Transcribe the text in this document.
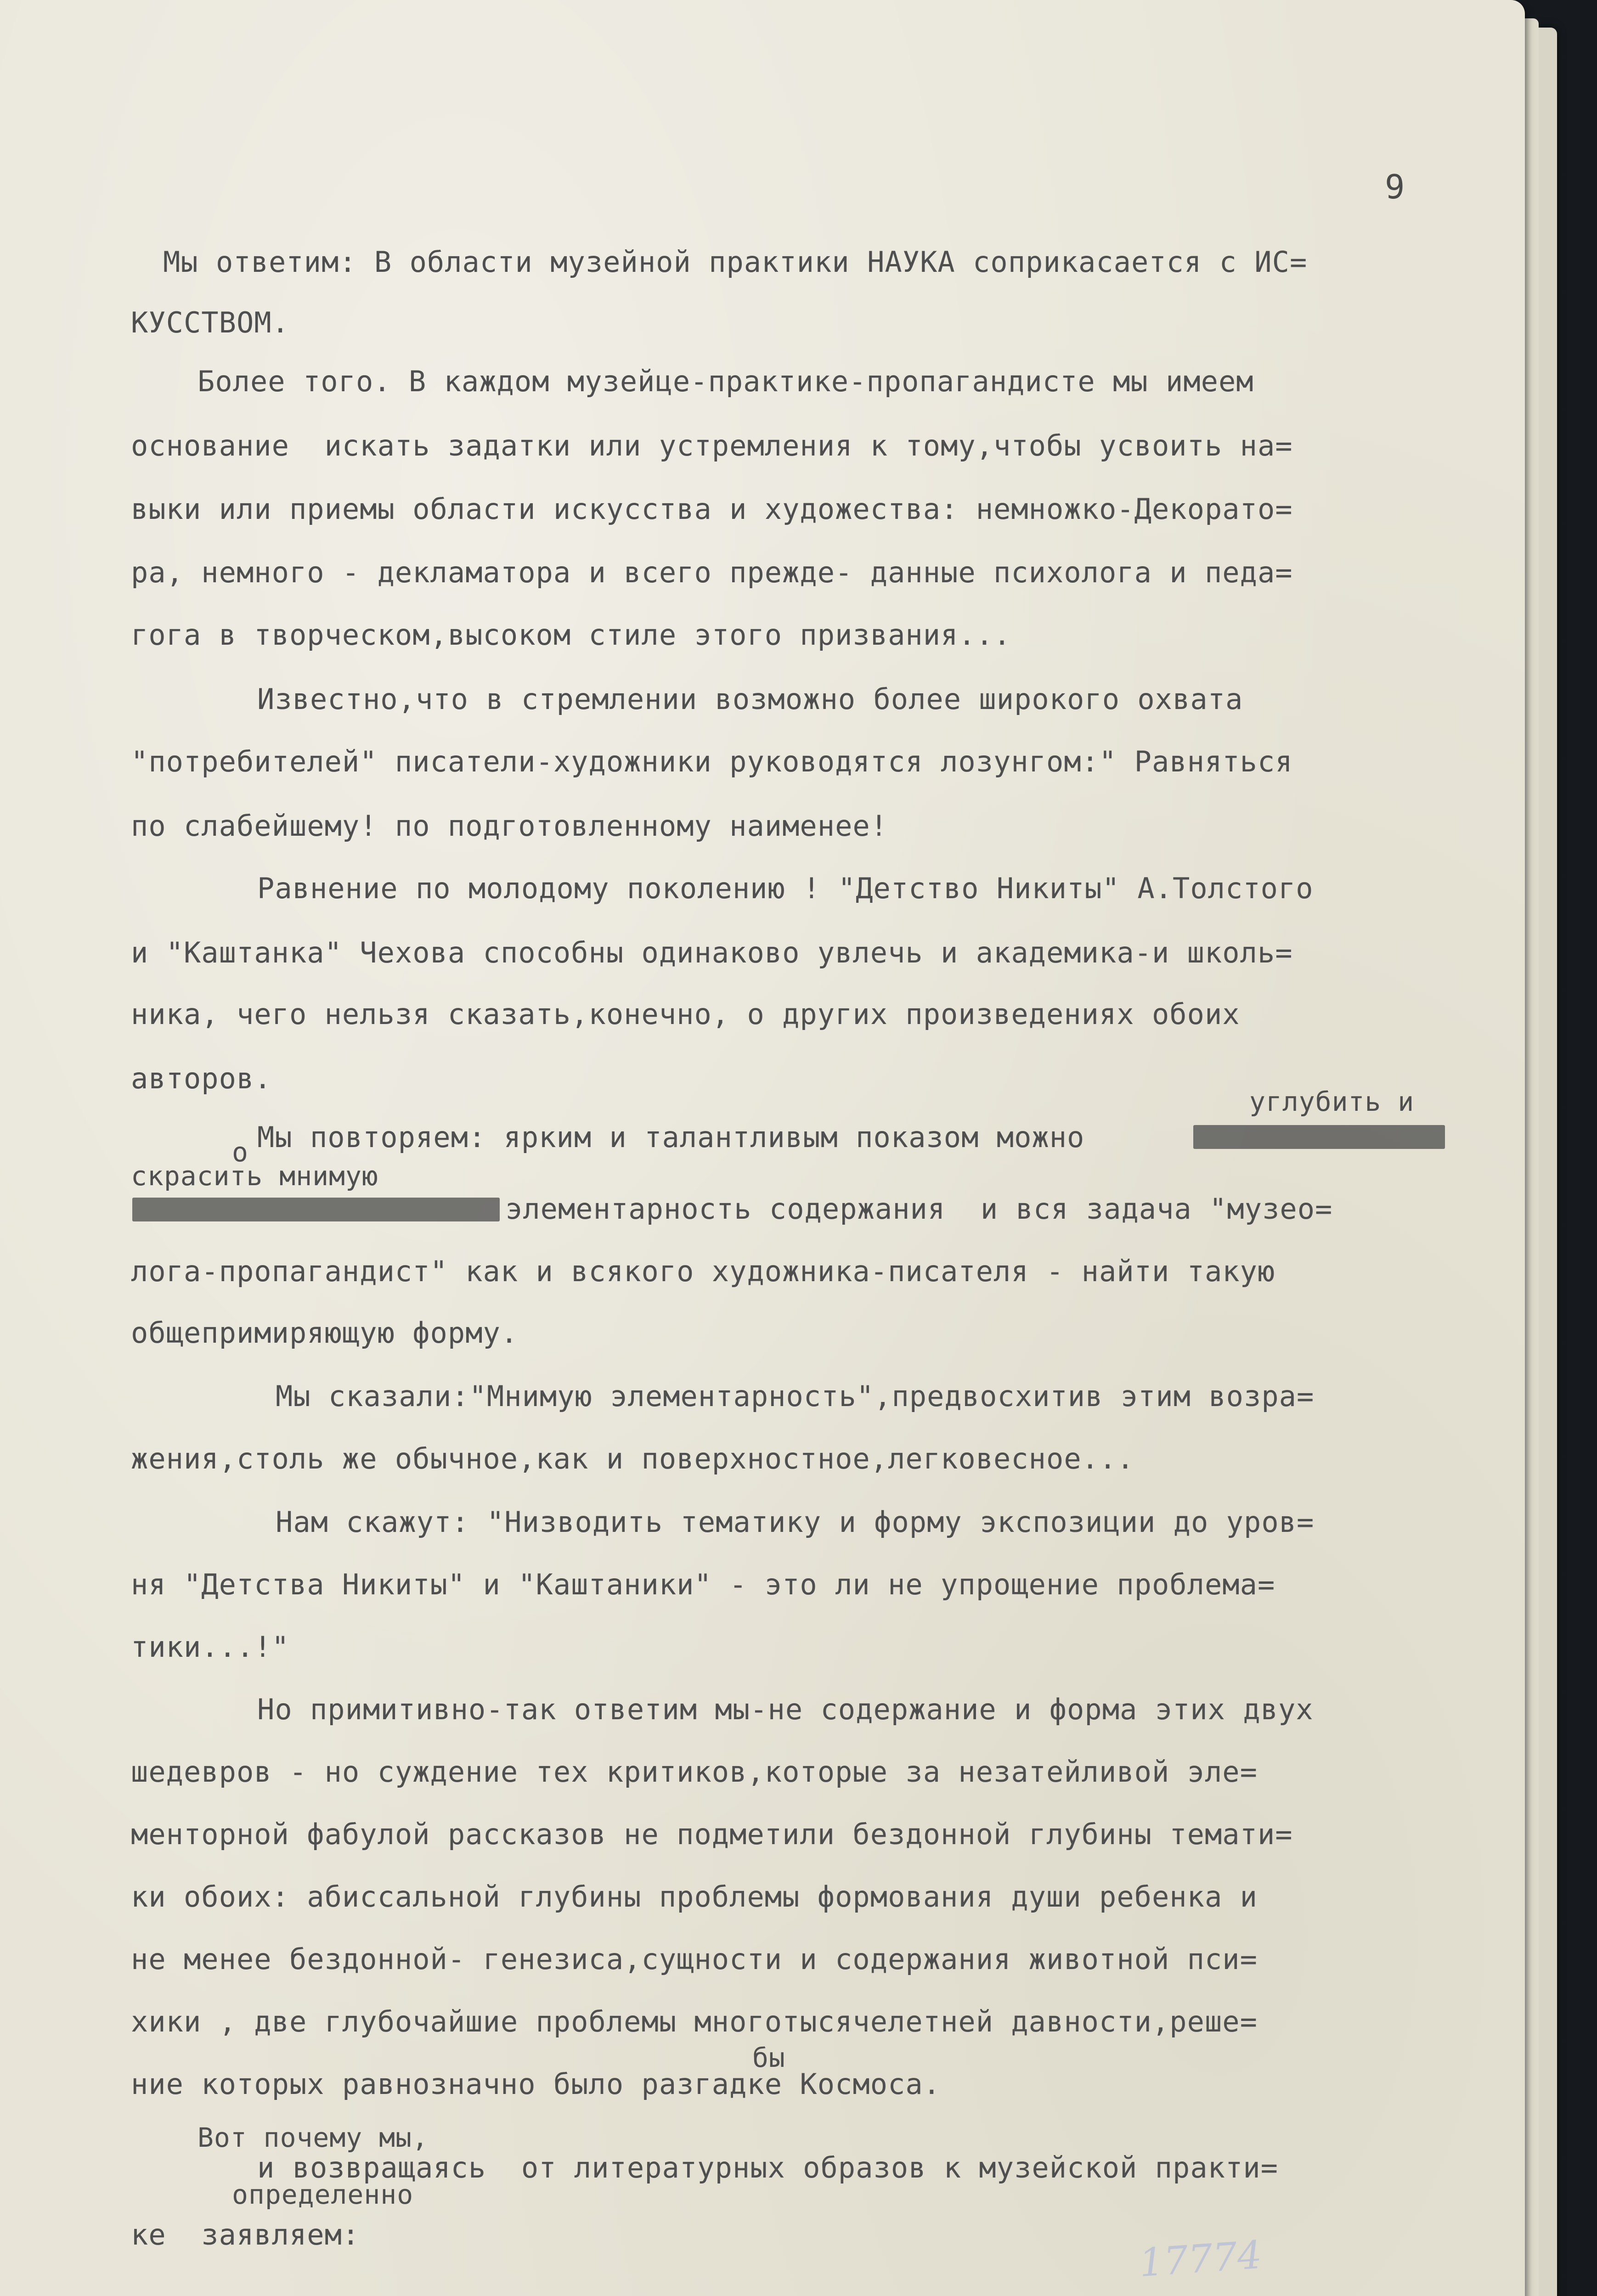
9
Мы ответим: В области музейной практики НАУКА соприкасается с ИС=
КУССТВОМ.
Более того. В каждом музейце-практике-пропагандисте мы имеем
основание  искать задатки или устремления к тому,чтобы усвоить на=
выки или приемы области искусства и художества: немножко-Декорато=
ра, немного - декламатора и всего прежде- данные психолога и педа=
гога в творческом,высоком стиле этого призвания...
Известно,что в стремлении возможно более широкого охвата
"потребителей" писатели-художники руководятся лозунгом:" Равняться
по слабейшему! по подготовленному наименее!
Равнение по молодому поколению ! "Детство Никиты" А.Толстого
и "Каштанка" Чехова способны одинаково увлечь и академика-и школь=
ника, чего нельзя сказать,конечно, о других произведениях обоих
авторов.
углубить и
о Мы повторяем: ярким и талантливым показом можно
скрасить мнимую
элементарность содержания  и вся задача "музео=
лога-пропагандист" как и всякого художника-писателя - найти такую
общепримиряющую форму.
Мы сказали:"Мнимую элементарность",предвосхитив этим возра=
жения,столь же обычное,как и поверхностное,легковесное...
Нам скажут: "Низводить тематику и форму экспозиции до уров=
ня "Детства Никиты" и "Каштаники" - это ли не упрощение проблема=
тики...!"
Но примитивно-так ответим мы-не содержание и форма этих двух
шедевров - но суждение тех критиков,которые за незатейливой эле=
менторной фабулой рассказов не подметили бездонной глубины темати=
ки обоих: абиссальной глубины проблемы формования души ребенка и
не менее бездонной- генезиса,сущности и содержания животной пси=
хики , две глубочайшие проблемы многотысячелетней давности,реше=
бы
ние которых равнозначно было разгадке Космоса.
Вот почему мы,
и возвращаясь  от литературных образов к музейской практи=
определенно
ке  заявляем:	17774
